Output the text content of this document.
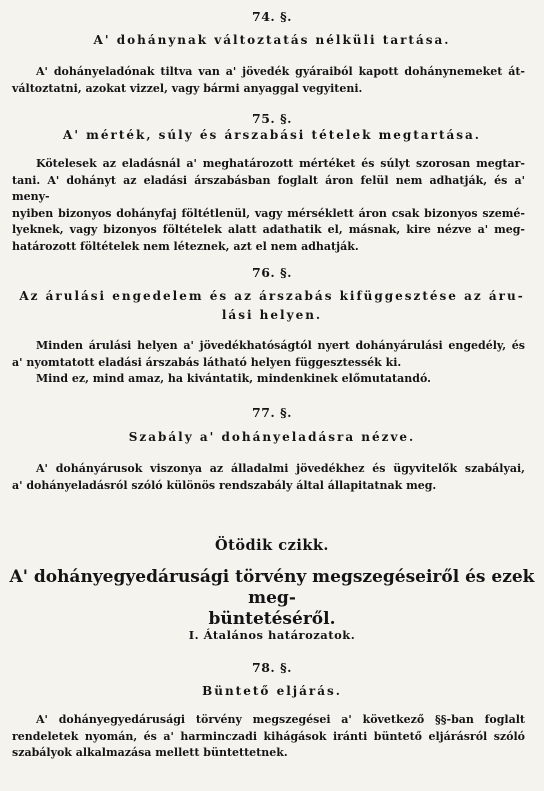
74. §.

A' dohánynak változtatás nélküli tartása.

A' dohányeladónak tiltva van a' jövedék gyáraiból kapott dohánynemeket át-
változtatni, azokat vizzel, vagy bármi anyaggal vegyiteni.

75. §.

A' mérték, súly és árszabási tételek megtartása.

Kötelesek az eladásnál a' meghatározott mértéket és súlyt szorosan megtar-
tani. A' dohányt az eladási árszabásban foglalt áron felül nem adhatják, és a' meny-
nyiben bizonyos dohányfaj föltétlenül, vagy mérséklett áron csak bizonyos szemé-
lyeknek, vagy bizonyos föltételek alatt adathatik el, másnak, kire nézve a' meg-
határozott föltételek nem léteznek, azt el nem adhatják.

76. §.

Az árulási engedelem és az árszabás kifüggesztése az áru-

lási helyen.

Minden árulási helyen a' jövedékhatóságtól nyert dohányárulási engedély, és
a' nyomtatott eladási árszabás látható helyen függesztessék ki.
Mind ez, mind amaz, ha kivántatik, mindenkinek előmutatandó.

77. §.

Szabály a' dohányeladásra nézve.

A' dohányárusok viszonya az álladalmi jövedékhez és ügyvitelők szabályai,
a' dohányeladásról szóló különös rendszabály által állapitatnak meg.

Ötödik czikk.

A' dohányegyedárusági törvény megszegéseiről és ezek meg-
büntetéséről.

I. Átalános határozatok.

78. §.

Büntető eljárás.

A' dohányegyedárusági törvény megszegései a' következő §§-ban foglalt
rendeletek nyomán, és a' harminczadi kihágások iránti büntető eljárásról szóló
szabályok alkalmazása mellett büntettetnek.
